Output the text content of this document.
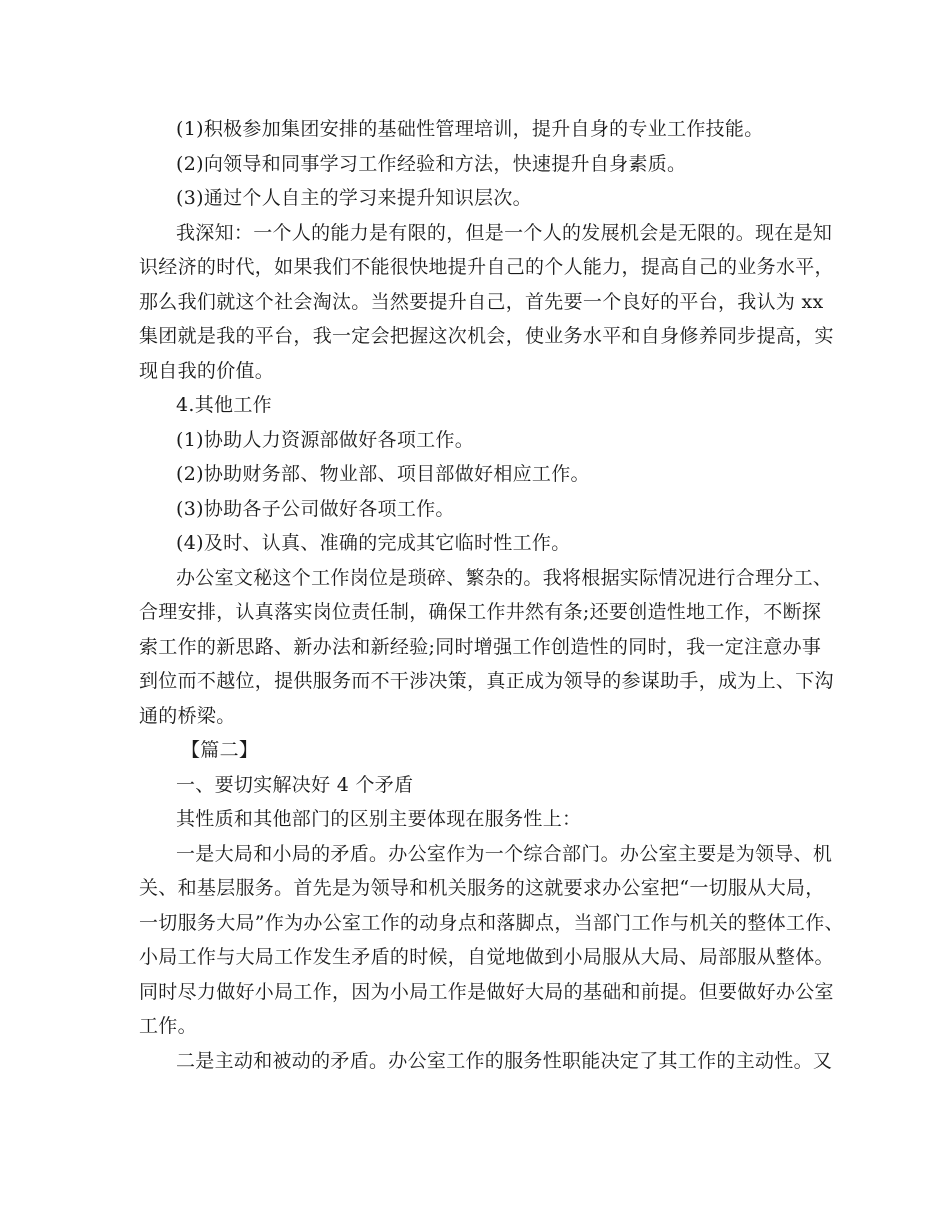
(1)积极参加集团安排的基础性管理培训，提升自身的专业工作技能。
(2)向领导和同事学习工作经验和方法，快速提升自身素质。
(3)通过个人自主的学习来提升知识层次。
我深知：一个人的能力是有限的，但是一个人的发展机会是无限的。现在是知
识经济的时代，如果我们不能很快地提升自己的个人能力，提高自己的业务水平，
那么我们就这个社会淘汰。当然要提升自己，首先要一个良好的平台，我认为 xx
集团就是我的平台，我一定会把握这次机会，使业务水平和自身修养同步提高，实
现自我的价值。
4.其他工作
(1)协助人力资源部做好各项工作。
(2)协助财务部、物业部、项目部做好相应工作。
(3)协助各子公司做好各项工作。
(4)及时、认真、准确的完成其它临时性工作。
办公室文秘这个工作岗位是琐碎、繁杂的。我将根据实际情况进行合理分工、
合理安排，认真落实岗位责任制，确保工作井然有条;还要创造性地工作，不断探
索工作的新思路、新办法和新经验;同时增强工作创造性的同时，我一定注意办事
到位而不越位，提供服务而不干涉决策，真正成为领导的参谋助手，成为上、下沟
通的桥梁。
【篇二】
一、要切实解决好 4 个矛盾
其性质和其他部门的区别主要体现在服务性上：
一是大局和小局的矛盾。办公室作为一个综合部门。办公室主要是为领导、机
关、和基层服务。首先是为领导和机关服务的这就要求办公室把“一切服从大局，
一切服务大局”作为办公室工作的动身点和落脚点，当部门工作与机关的整体工作、
小局工作与大局工作发生矛盾的时候，自觉地做到小局服从大局、局部服从整体。
同时尽力做好小局工作，因为小局工作是做好大局的基础和前提。但要做好办公室
工作。
二是主动和被动的矛盾。办公室工作的服务性职能决定了其工作的主动性。又
